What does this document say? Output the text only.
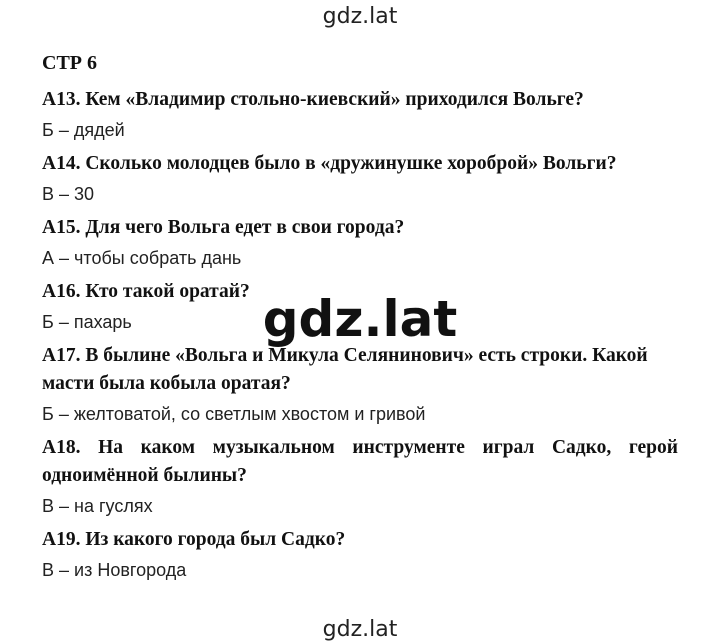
gdz.lat
СТР 6

А13. Кем «Владимир стольно-киевский» приходился Вольге?

Б – дядей

А14. Сколько молодцев было в «дружинушке хороброй» Вольги?

В – 30

А15. Для чего Вольга едет в свои города?

А – чтобы собрать дань

А16. Кто такой оратай?

Б – пахарь

А17. В былине «Вольга и Микула Селянинович» есть строки. Какой масти была кобыла оратая?

Б – желтоватой, со светлым хвостом и гривой

А18. На каком музыкальном инструменте играл Садко, герой одноимённой былины?

В – на гуслях

А19. Из какого города был Садко?

В – из Новгорода

gdz.lat
gdz.lat
